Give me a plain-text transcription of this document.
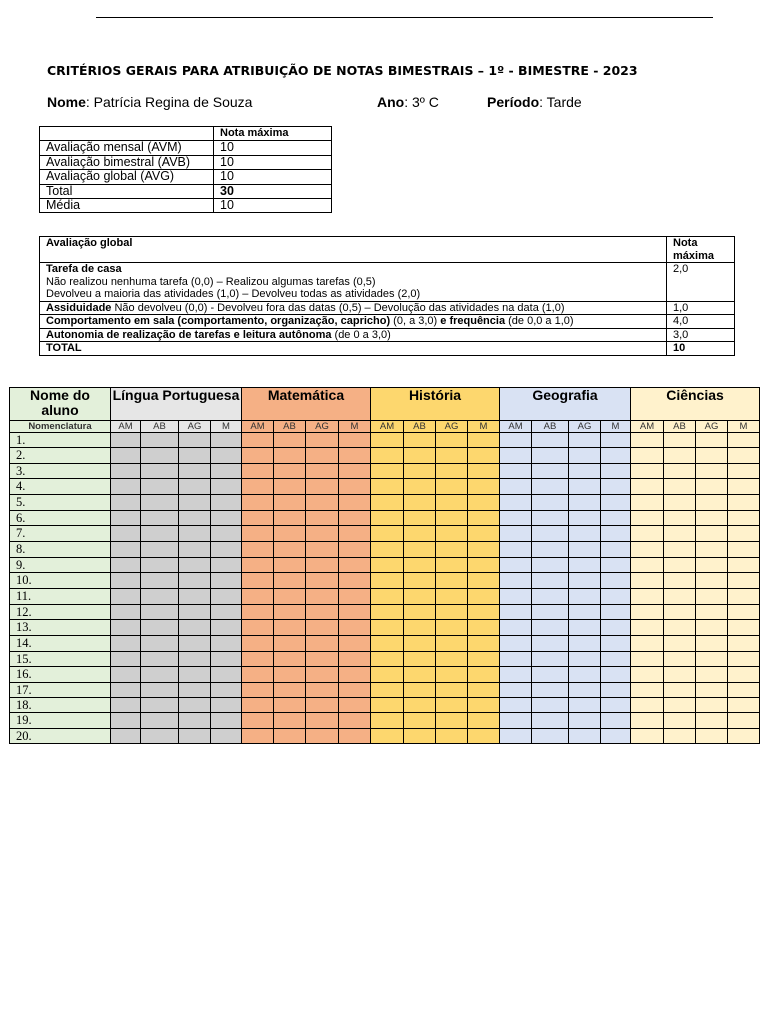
CRITÉRIOS GERAIS PARA ATRIBUIÇÃO DE NOTAS BIMESTRAIS – 1º - BIMESTRE - 2023
Nome: Patrícia Regina de Souza	Ano: 3º C	Período: Tarde
	Nota máxima
Avaliação mensal (AVM)	10
Avaliação bimestral (AVB)	10
Avaliação global (AVG)	10
Total	30
Média	10
Avaliação global	Nota máxima
Tarefa de casa
Não realizou nenhuma tarefa (0,0) – Realizou algumas tarefas (0,5)
Devolveu a maioria das atividades (1,0) – Devolveu todas as atividades (2,0)	2,0
Assiduidade Não devolveu (0,0) - Devolveu fora das datas (0,5) – Devolução das atividades na data (1,0)	1,0
Comportamento em sala (comportamento, organização, capricho) (0, a 3,0) e frequência (de 0,0 a 1,0)	4,0
Autonomia de realização de tarefas e leitura autônoma (de 0 a 3,0)	3,0
TOTAL	10
Nome do aluno	Língua Portuguesa				Matemática				História				Geografia				Ciências			
Nomenclatura	AM	AB	AG	M	AM	AB	AG	M	AM	AB	AG	M	AM	AB	AG	M	AM	AB	AG	M
1.																				
2.																				
3.																				
4.																				
5.																				
6.																				
7.																				
8.																				
9.																				
10.																				
11.																				
12.																				
13.																				
14.																				
15.																				
16.																				
17.																				
18.																				
19.																				
20.																				
